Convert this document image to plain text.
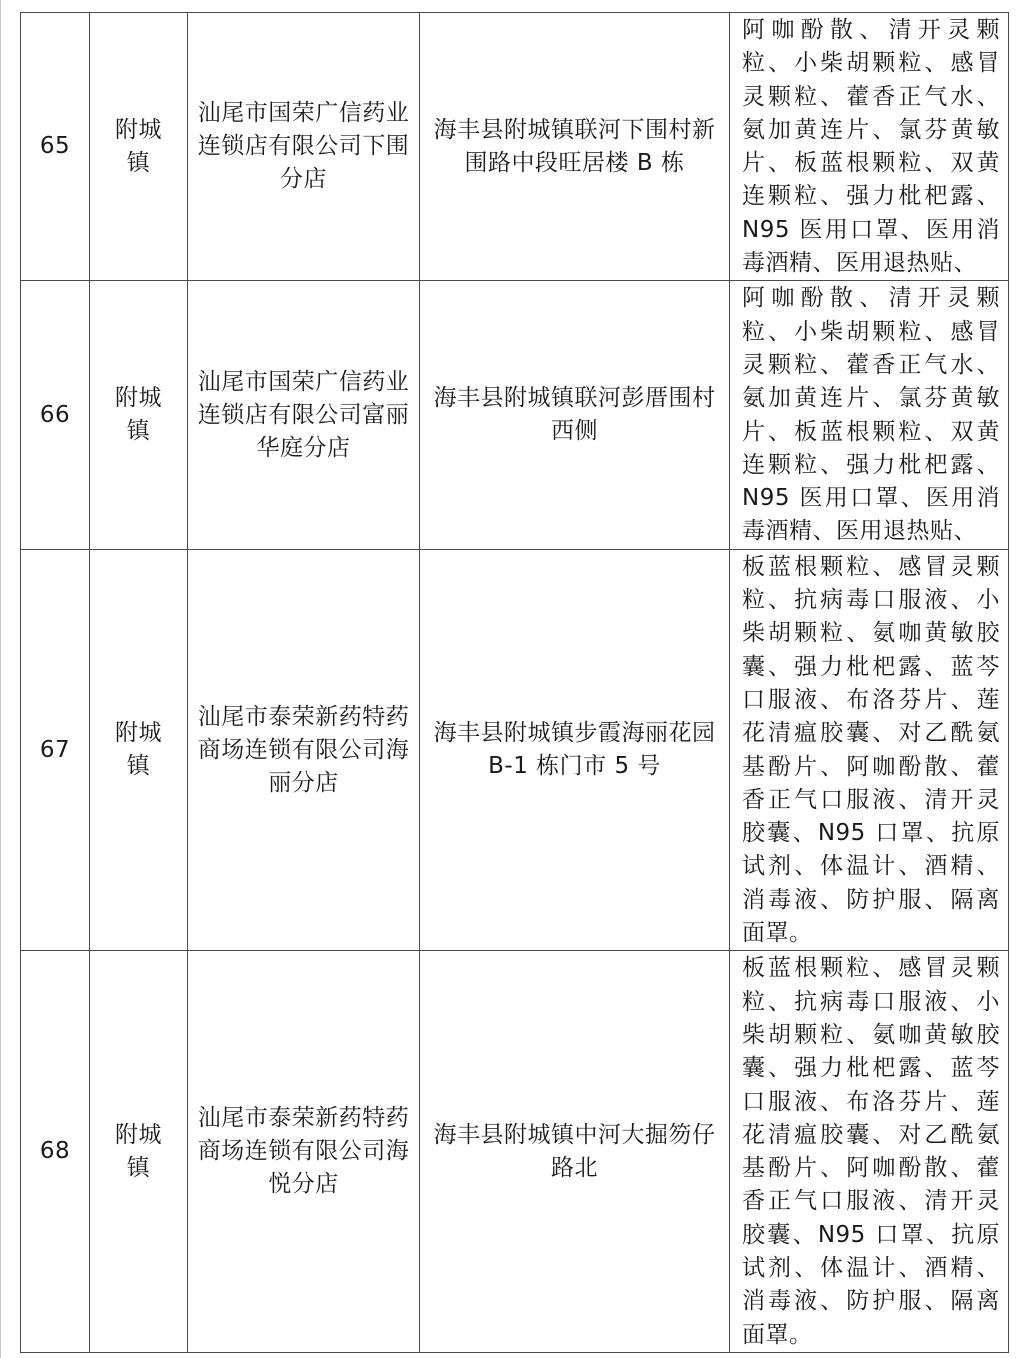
65	附城镇	汕尾市国荣广信药业连锁店有限公司下围分店	海丰县附城镇联河下围村新围路中段旺居楼 B 栋	阿咖酚散、清开灵颗粒、小柴胡颗粒、感冒灵颗粒、藿香正气水、氨加黄连片、氯芬黄敏片、板蓝根颗粒、双黄连颗粒、强力枇杷露、N95 医用口罩、医用消毒酒精、医用退热贴、
66	附城镇	汕尾市国荣广信药业连锁店有限公司富丽华庭分店	海丰县附城镇联河彭厝围村西侧	阿咖酚散、清开灵颗粒、小柴胡颗粒、感冒灵颗粒、藿香正气水、氨加黄连片、氯芬黄敏片、板蓝根颗粒、双黄连颗粒、强力枇杷露、N95 医用口罩、医用消毒酒精、医用退热贴、
67	附城镇	汕尾市泰荣新药特药商场连锁有限公司海丽分店	海丰县附城镇步霞海丽花园 B-1 栋门市 5 号	板蓝根颗粒、感冒灵颗粒、抗病毒口服液、小柴胡颗粒、氨咖黄敏胶囊、强力枇杷露、蓝芩口服液、布洛芬片、莲花清瘟胶囊、对乙酰氨基酚片、阿咖酚散、藿香正气口服液、清开灵胶囊、N95 口罩、抗原试剂、体温计、酒精、消毒液、防护服、隔离面罩。
68	附城镇	汕尾市泰荣新药特药商场连锁有限公司海悦分店	海丰县附城镇中河大掘笏仔路北	板蓝根颗粒、感冒灵颗粒、抗病毒口服液、小柴胡颗粒、氨咖黄敏胶囊、强力枇杷露、蓝芩口服液、布洛芬片、莲花清瘟胶囊、对乙酰氨基酚片、阿咖酚散、藿香正气口服液、清开灵胶囊、N95 口罩、抗原试剂、体温计、酒精、消毒液、防护服、隔离面罩。
